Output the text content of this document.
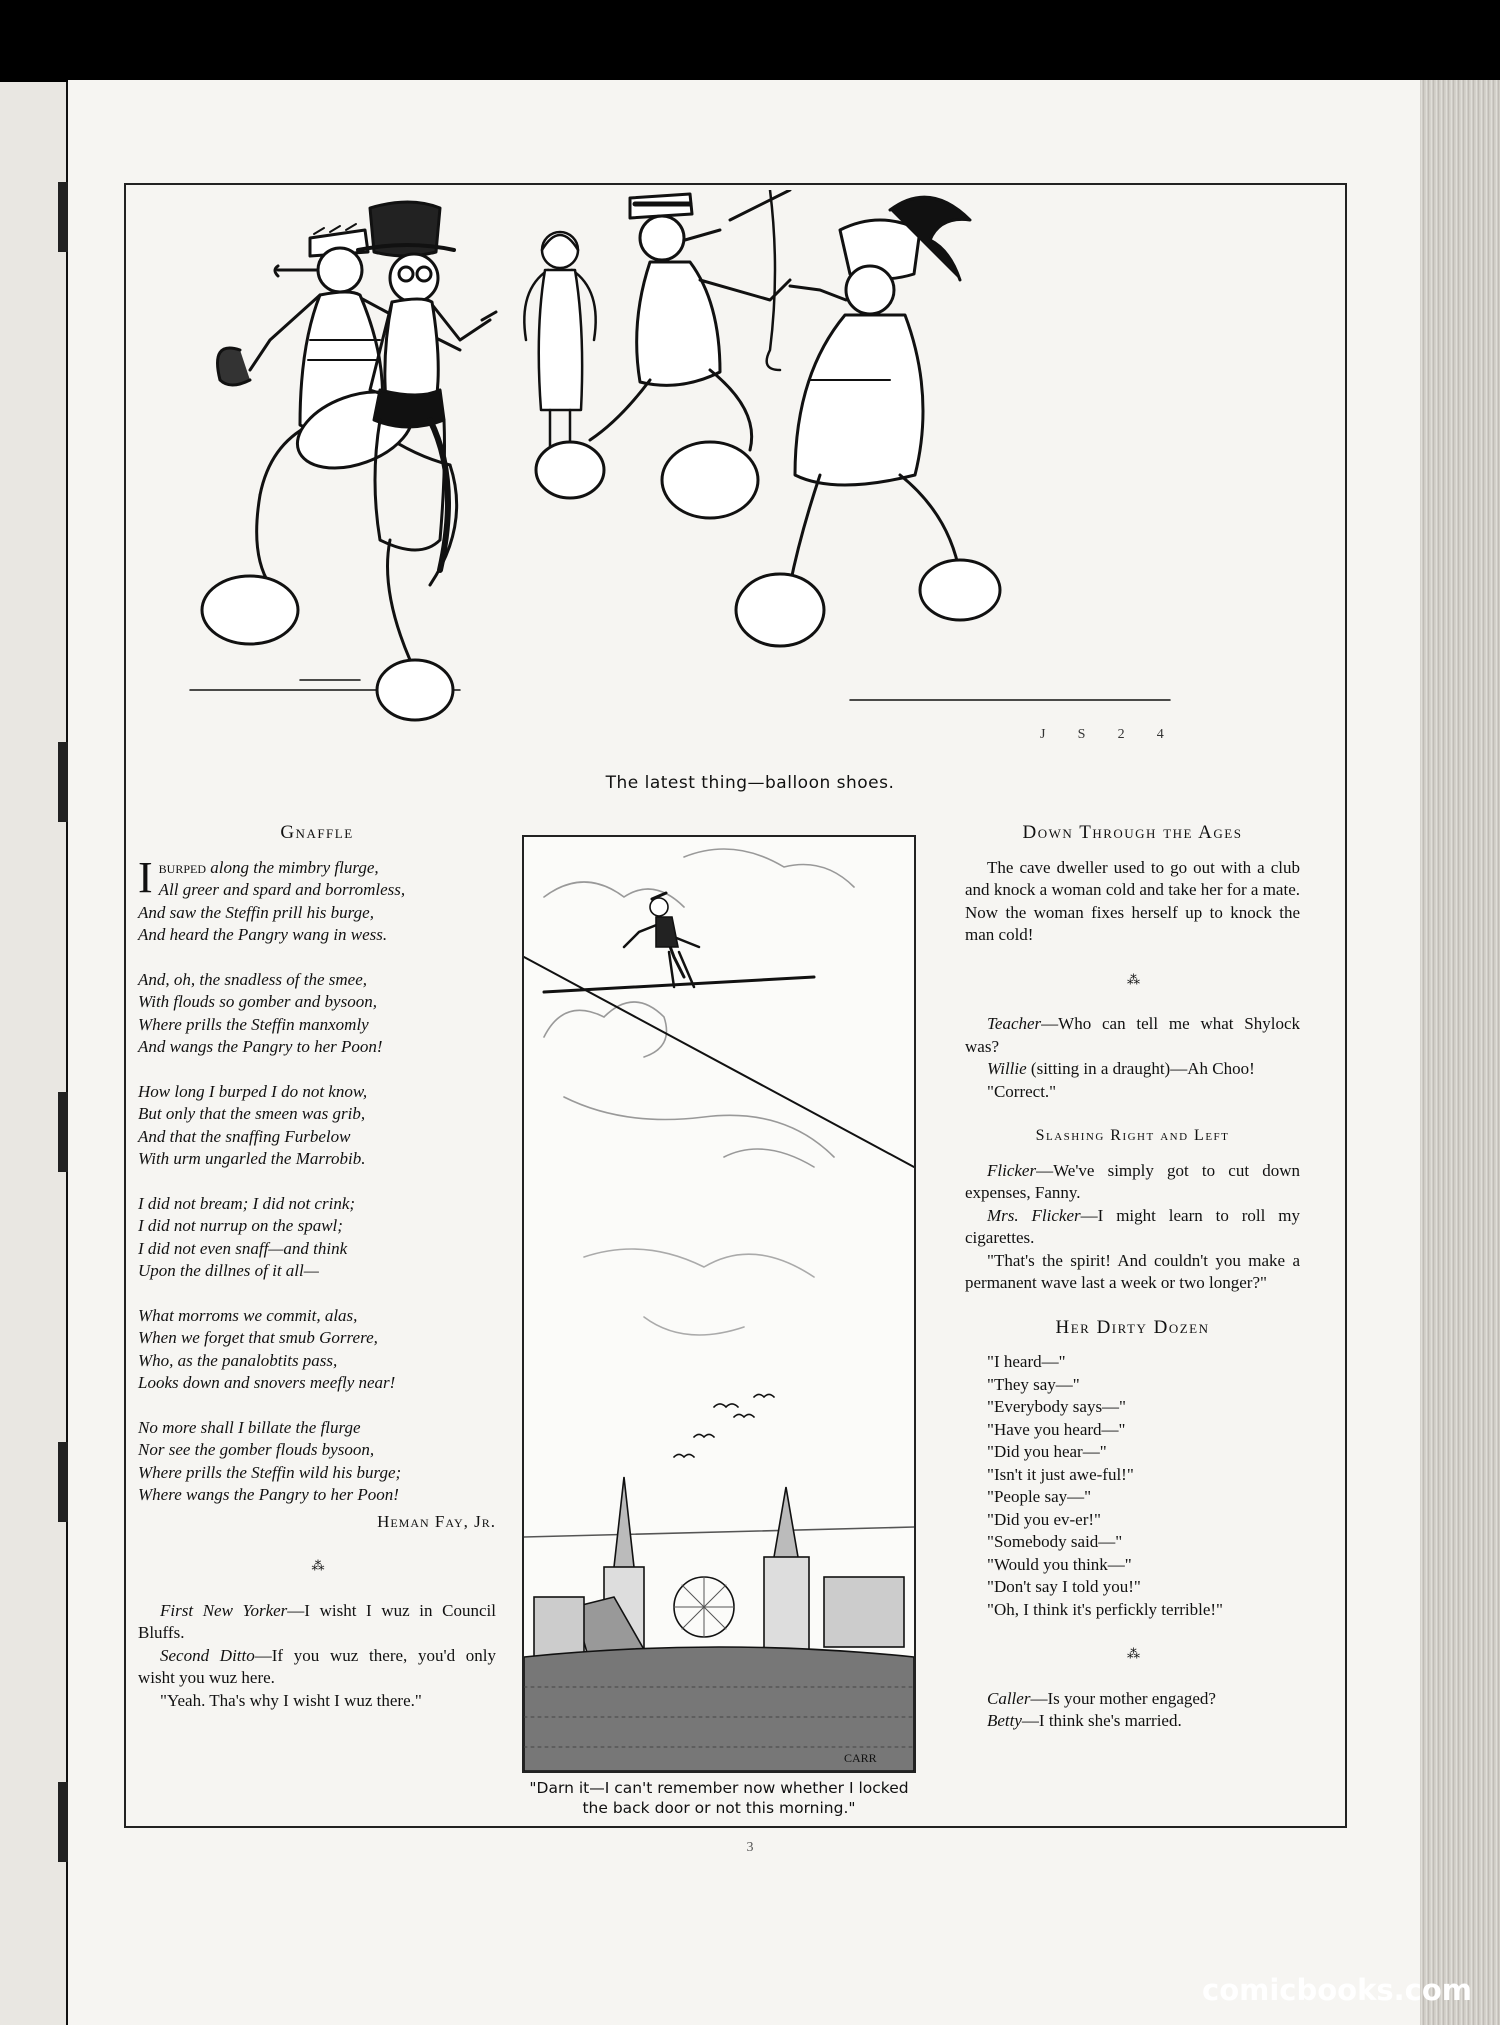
J   S   2   4
The latest thing—balloon shoes.
Gnaffle
I burped along the mimbry flurge,
All greer and spard and borromless,
And saw the Steffin prill his burge,
And heard the Pangry wang in wess.
And, oh, the snadless of the smee,
With flouds so gomber and bysoon,
Where prills the Steffin manxomly
And wangs the Pangry to her Poon!
How long I burped I do not know,
But only that the smeen was grib,
And that the snaffing Furbelow
With urm ungarled the Marrobib.
I did not bream; I did not crink;
I did not nurrup on the spawl;
I did not even snaff—and think
Upon the dillnes of it all—
What morroms we commit, alas,
When we forget that smub Gorrere,
Who, as the panalobtits pass,
Looks down and snovers meefly near!
No more shall I billate the flurge
Nor see the gomber flouds bysoon,
Where prills the Steffin wild his burge;
Where wangs the Pangry to her Poon!
Heman Fay, Jr.
⁂

First New Yorker—I wisht I wuz in Council Bluffs.

Second Ditto—If you wuz there, you'd only wisht you wuz here.

"Yeah. Tha's why I wisht I wuz there."

CARR
"Darn it—I can't remember now whether I locked the back door or not this morning."
Down Through the Ages

The cave dweller used to go out with a club and knock a woman cold and take her for a mate. Now the woman fixes herself up to knock the man cold!

⁂

Teacher—Who can tell me what Shylock was?

Willie (sitting in a draught)—Ah Choo!

"Correct."

Slashing Right and Left

Flicker—We've simply got to cut down expenses, Fanny.

Mrs. Flicker—I might learn to roll my cigarettes.

"That's the spirit! And couldn't you make a permanent wave last a week or two longer?"

Her Dirty Dozen

"I heard—"

"They say—"

"Everybody says—"

"Have you heard—"

"Did you hear—"

"Isn't it just awe-ful!"

"People say—"

"Did you ev-er!"

"Somebody said—"

"Would you think—"

"Don't say I told you!"

"Oh, I think it's perfickly terrible!"

⁂

Caller—Is your mother engaged?

Betty—I think she's married.

3
comicbooks.com
